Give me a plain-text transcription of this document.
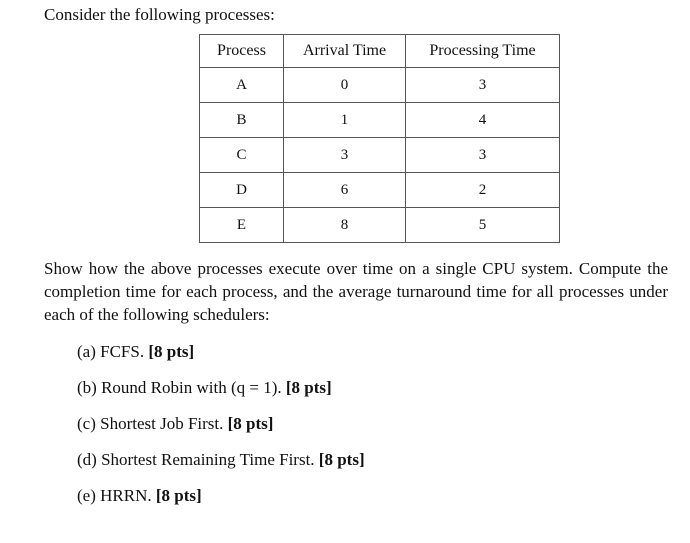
Consider the following processes:
Process	Arrival Time	Processing Time
A	0	3
B	1	4
C	3	3
D	6	2
E	8	5
Show how the above processes execute over time on a single CPU system. Compute the completion time for each process, and the average turnaround time for all processes under each of the following schedulers:
(a) FCFS. [8 pts]
(b) Round Robin with (q = 1). [8 pts]
(c) Shortest Job First. [8 pts]
(d) Shortest Remaining Time First. [8 pts]
(e) HRRN. [8 pts]
